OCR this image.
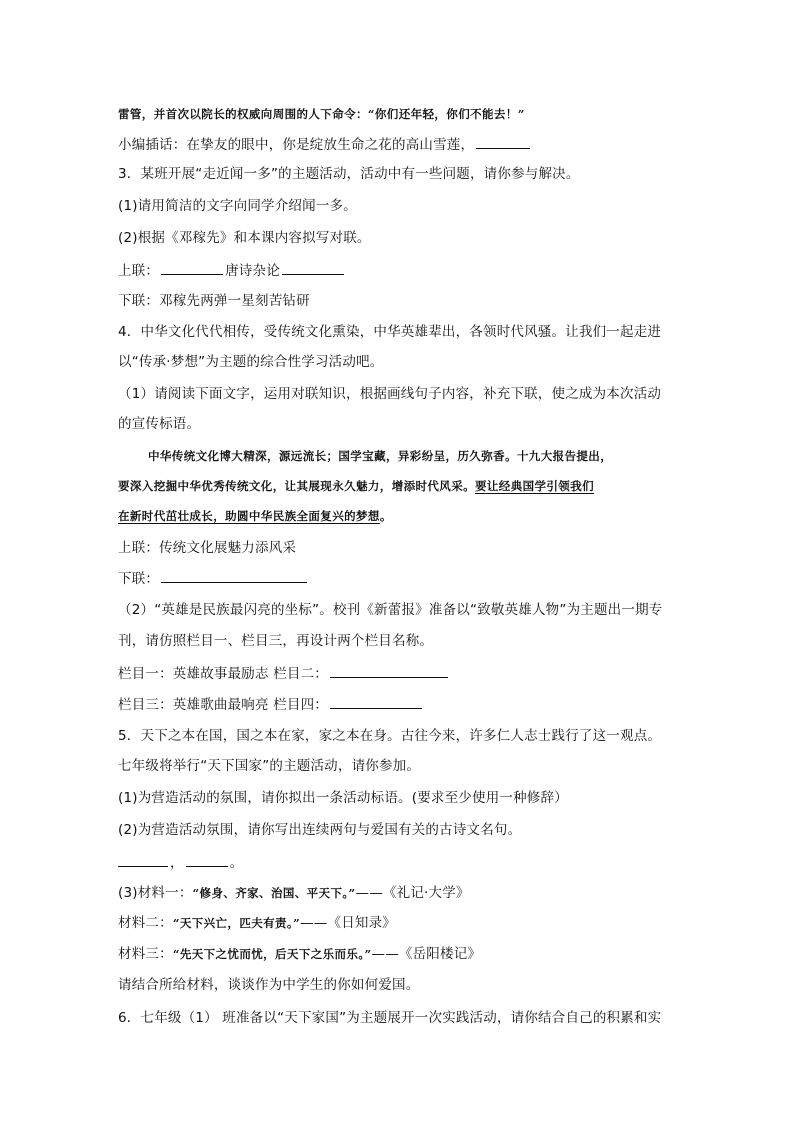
雷管，并首次以院长的权威向周围的人下命令：“你们还年轻，你们不能去！”
小编插话：在挚友的眼中，你是绽放生命之花的高山雪莲，
3．某班开展“走近闻一多”的主题活动，活动中有一些问题，请你参与解决。
(1)请用简洁的文字向同学介绍闻一多。
(2)根据《邓稼先》和本课内容拟写对联。
上联：	唐诗杂论
下联：邓稼先两弹一星刻苦钻研
4．中华文化代代相传，受传统文化熏染，中华英雄辈出，各领时代风骚。让我们一起走进
以“传承·梦想”为主题的综合性学习活动吧。
（1）请阅读下面文字，运用对联知识，根据画线句子内容，补充下联，使之成为本次活动
的宣传标语。
中华传统文化博大精深，源远流长；国学宝藏，异彩纷呈，历久弥香。十九大报告提出，
要深入挖掘中华优秀传统文化，让其展现永久魅力，增添时代风采。要让经典国学引领我们
在新时代茁壮成长，助圆中华民族全面复兴的梦想。
上联：传统文化展魅力添风采
下联：
（2）“英雄是民族最闪亮的坐标”。校刊《新蕾报》准备以“致敬英雄人物”为主题出一期专
刊，请仿照栏目一、栏目三，再设计两个栏目名称。
栏目一：英雄故事最励志 栏目二：
栏目三：英雄歌曲最响亮 栏目四：
5．天下之本在国，国之本在家，家之本在身。古往今来，许多仁人志士践行了这一观点。
七年级将举行“天下国家”的主题活动，请你参加。
(1)为营造活动的氛围，请你拟出一条活动标语。(要求至少使用一种修辞）
(2)为营造活动氛围，请你写出连续两句与爱国有关的古诗文名句。
，	。
(3)材料一：“修身、齐家、治国、平天下。”——《礼记·大学》
材料二：“天下兴亡，匹夫有责。”——《日知录》
材料三：“先天下之忧而忧，后天下之乐而乐。”——《岳阳楼记》
请结合所给材料，谈谈作为中学生的你如何爱国。
6．七年级（1） 班准备以“天下家国”为主题展开一次实践活动，请你结合自己的积累和实
